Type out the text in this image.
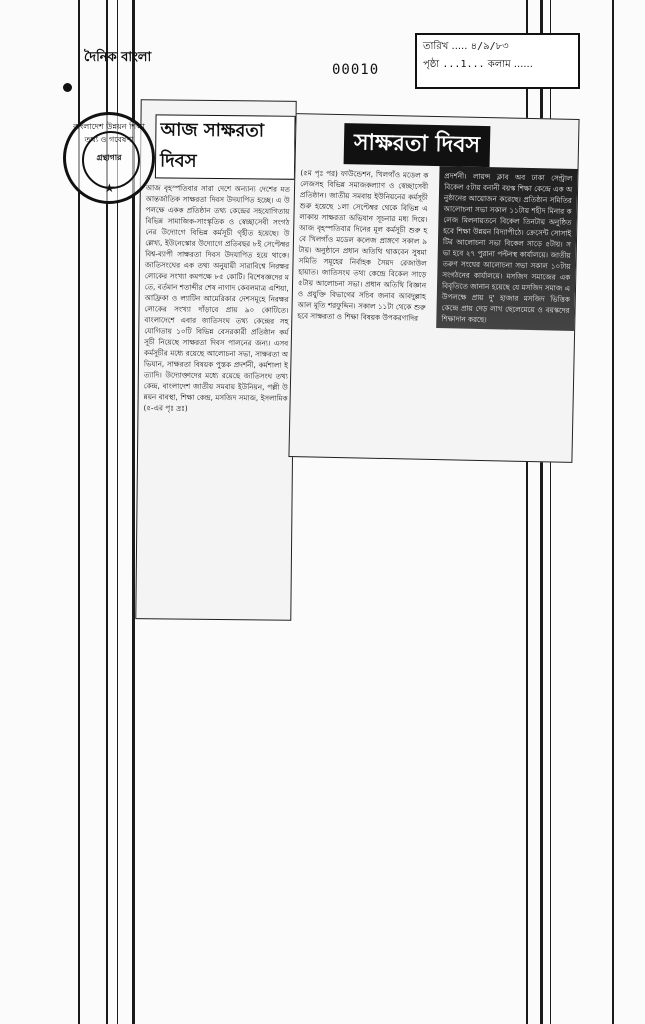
দৈনিক বাংলা
00010
তারিখ ..... ৪/৯/৮৩
পৃষ্ঠা ...1... কলাম ......
আজ সাক্ষরতা দিবস
আজ বৃহস্পতিবার সারা দেশে অন্যান্য দেশের মত আন্তর্জাতিক সাক্ষরতা দিবস উদযাপিত হচ্ছে। এ উপলক্ষে একক প্রতিষ্ঠান তথ্য কেন্দ্রের সহযোগিতায় বিভিন্ন সামাজিক-সাংস্কৃতিক ও স্বেচ্ছাসেবী সংগঠনের উদ্যোগে বিভিন্ন কর্মসূচী গৃহীত হয়েছে। উল্লেখ্য, ইউনেস্কোর উদ্যোগে প্রতিবছর ৮ই সেপ্টেম্বর বিশ্ব-ব্যাপী সাক্ষরতা দিবস উদযাপিত হয়ে থাকে। জাতিসংঘের এক তথ্য অনুযায়ী সারাবিশ্বে নিরক্ষর লোকের সংখ্যা কমপক্ষে ৮৫ কোটি। বিশেষজ্ঞদের মতে, বর্তমান শতাব্দীর শেষ নাগাদ কেবলমাত্র এশিয়া, আফ্রিকা ও ল্যাটিন আমেরিকার দেশসমূহে নিরক্ষর লোকের সংখ্যা দাঁড়াবে প্রায় ৯০ কোটিতে। বাংলাদেশে এবার জাতিসংঘ তথ্য কেন্দ্রের সহযোগিতায় ১০টি বিভিন্ন বেসরকারী প্রতিষ্ঠান কর্মসূচী নিয়েছে সাক্ষরতা দিবস পালনের জন্য। এসব কর্মসূচীর মধ্যে রয়েছে আলোচনা সভা, সাক্ষরতা অভিযান, সাক্ষরতা বিষয়ক পুস্তক প্রদর্শনী, কর্মশালা ইত্যাদি। উদ্যোক্তাদের মধ্যে রয়েছে জাতিসংঘ তথ্য কেন্দ্র, বাংলাদেশ জাতীয় সমবায় ইউনিয়ন, পল্লী উন্নয়ন বাবস্থা, শিক্ষা কেন্দ্র, মসজিদ সমাজ, ইসলামিক (৫-এর পৃঃ দ্রঃ)
সাক্ষরতা দিবস
(৫ম পৃঃ পর) ফাউন্ডেশন, খিলগাঁও মডেল কলেজসহ বিভিন্ন সমাজকল্যাণ ও স্বেচ্ছাসেবী প্রতিষ্ঠান। জাতীয় সমবায় ইউনিয়নের কর্মসূচী শুরু হয়েছে ১লা সেপ্টেম্বর থেকে বিভিন্ন এলাকায় সাক্ষরতা অভিযান সূচনার মধ্য দিয়ে। আজ বৃহস্পতিবার দিনের মূল কর্মসূচী শুরু হবে খিলগাঁও মডেল কলেজ প্রাঙ্গণে সকাল ৯টায়। অনুষ্ঠানে প্রধান অতিথি থাকবেন সুষমা সমিতি সমূহের নির্বাহক সৈয়দ রেজাউল হায়াত। জাতিসংঘ তথ্য কেন্দ্রে বিকেল সাড়ে ৫টায় আলোচনা সভা। প্রধান অতিথি বিজ্ঞান ও প্রযুক্তি বিভাগের সচিব জনাব আবদুল্লাহ আল মূতি শরফুদ্দিন। সকাল ১১টা থেকে শুরু হবে সাক্ষরতা ও শিক্ষা বিষয়ক উপকরণাদির
প্রদর্শনী। লায়ন্স ক্লাব অব ঢাকা সেন্ট্রাল বিকেল ৫টায় বনানী বয়স্ক শিক্ষা কেন্দ্রে এক অনুষ্ঠানের আয়োজন করেছে। প্রতিষ্ঠান সমিতির আলোচনা সভা সকাল ১১টায় শহীদ মিনার কলেজ মিলনায়তনে বিকেল তিনটায় অনুষ্ঠিত হবে শিক্ষা উন্নয়ন বিদ্যাপীঠে। ক্রেসেন্ট সোসাইটির আলোচনা সভা বিকেল সাড়ে ৫টায়। সভা হবে ২৭ পুরানা পল্টনস্থ কার্যালয়ে। জাতীয় তরুণ সংঘের আলোচনা সভা সকাল ১০টায় সংগঠনের কার্যালয়ে। মসজিদ সমাজের এক বিবৃতিতে জানান হয়েছে যে মসজিদ সমাজ এ উপলক্ষে প্রায় দু' হাজার মসজিদ ভিত্তিক কেন্দ্রে প্রায় দেড় লাখ ছেলেমেয়ে ও বয়স্কদের শিক্ষাদান করছে।
বাংলাদেশ উন্নয়ন শিক্ষা তথ্য ও গবেষণা
গ্রন্থাগার
★
